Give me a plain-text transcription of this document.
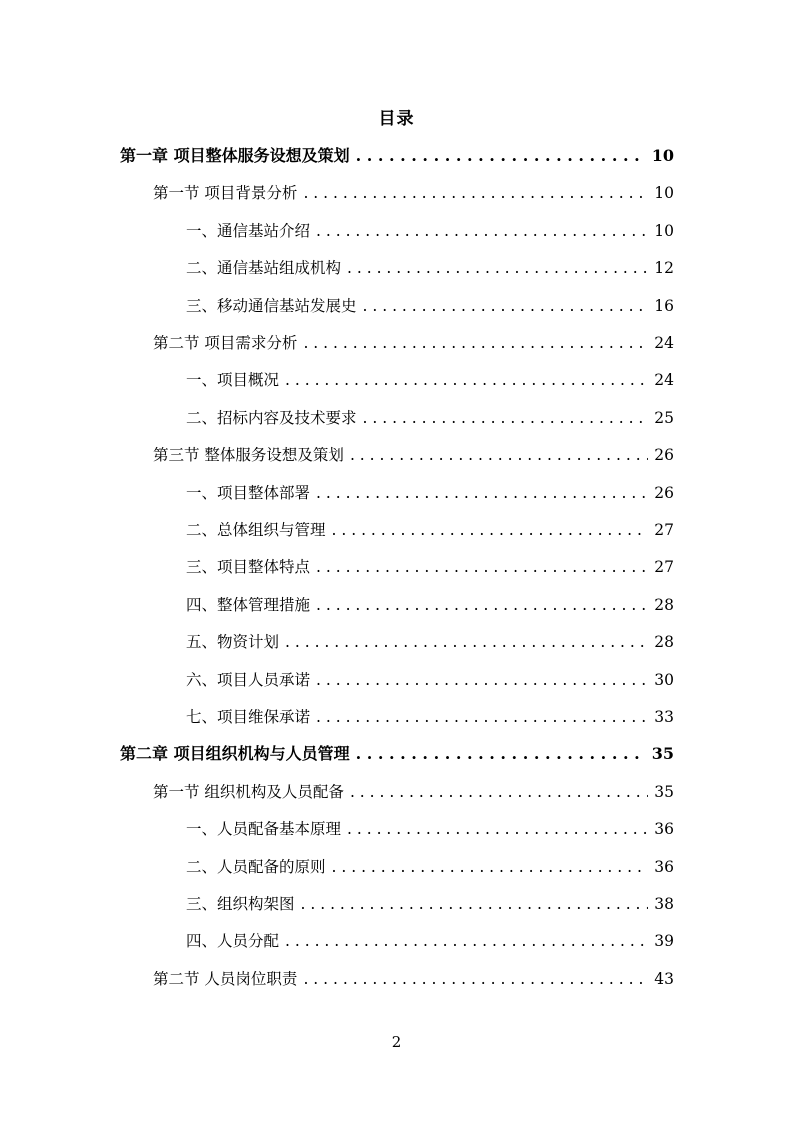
目录
第一章 项目整体服务设想及策划 . . .	10
第一节 项目背景分析 . . .	10
一、通信基站介绍 . . .	10
二、通信基站组成机构 . . .	12
三、移动通信基站发展史 . . .	16
第二节 项目需求分析 . . .	24
一、项目概况 . . .	24
二、招标内容及技术要求 . . .	25
第三节 整体服务设想及策划 . . .	26
一、项目整体部署 . . .	26
二、总体组织与管理 . . .	27
三、项目整体特点 . . .	27
四、整体管理措施 . . .	28
五、物资计划 . . .	28
六、项目人员承诺 . . .	30
七、项目维保承诺 . . .	33
第二章 项目组织机构与人员管理 . . .	35
第一节 组织机构及人员配备 . . .	35
一、人员配备基本原理 . . .	36
二、人员配备的原则 . . .	36
三、组织构架图 . . .	38
四、人员分配 . . .	39
第二节 人员岗位职责 . . .	43
2
